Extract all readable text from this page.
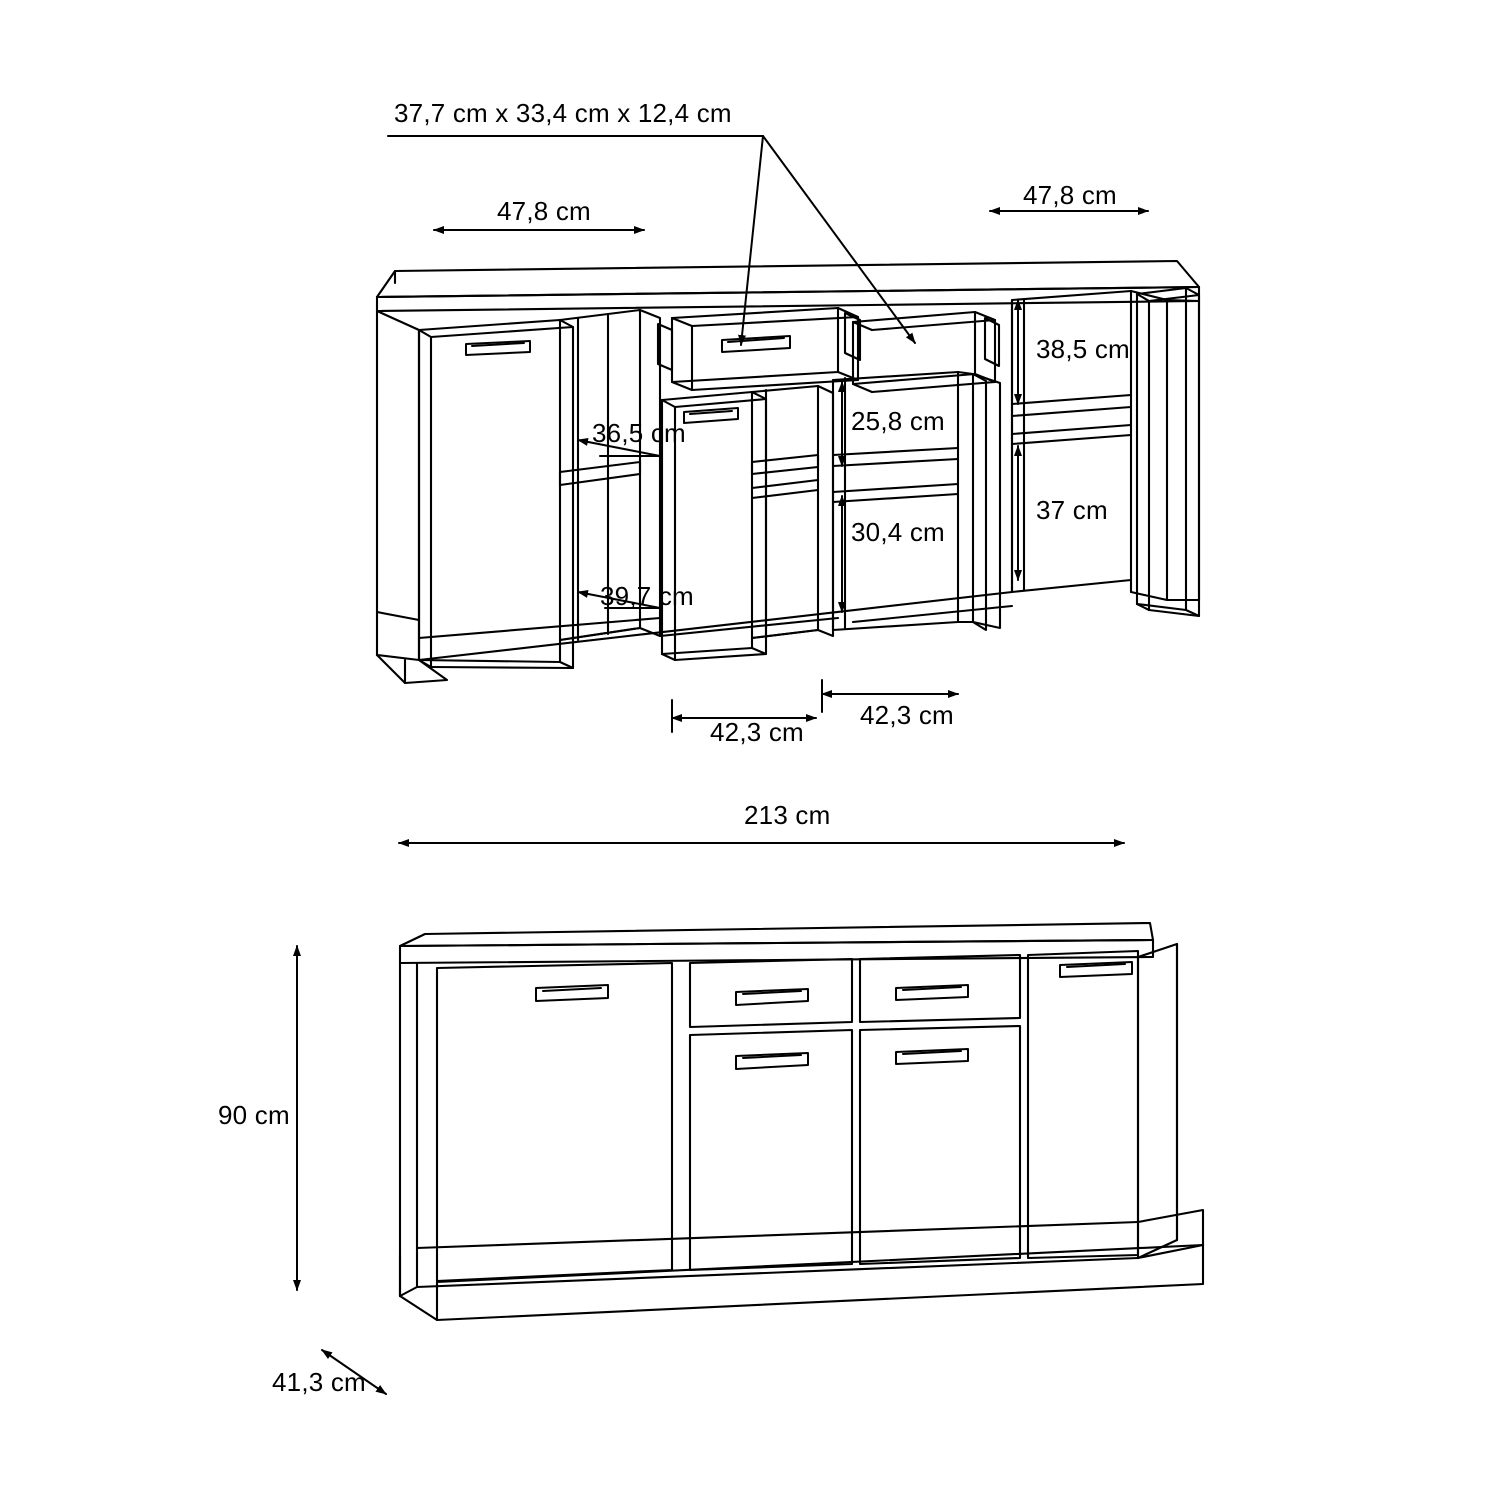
37,7 cm x 33,4 cm x 12,4 cm
47,8 cm
47,8 cm
38,5 cm
37 cm
25,8 cm
30,4 cm
36,5 cm
39,7 cm
42,3 cm
42,3 cm
213 cm
90 cm
41,3 cm
